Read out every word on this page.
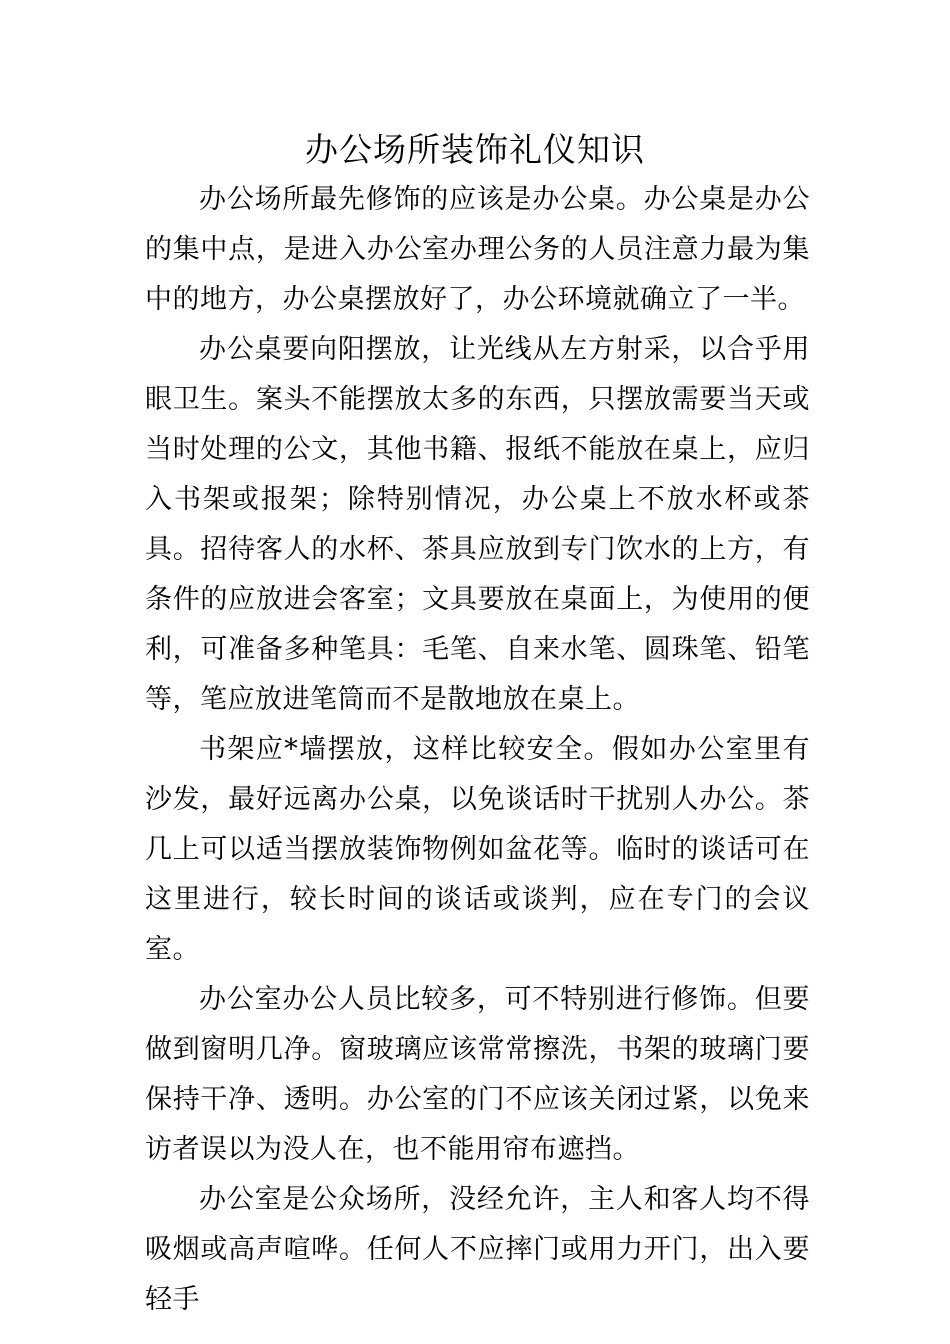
办公场所装饰礼仪知识

办公场所最先修饰的应该是办公桌。办公桌是办公的集中点，是进入办公室办理公务的人员注意力最为集中的地方，办公桌摆放好了，办公环境就确立了一半。

办公桌要向阳摆放，让光线从左方射采，以合乎用眼卫生。案头不能摆放太多的东西，只摆放需要当天或当时处理的公文，其他书籍、报纸不能放在桌上，应归入书架或报架；除特别情况，办公桌上不放水杯或茶具。招待客人的水杯、茶具应放到专门饮水的上方，有条件的应放进会客室；文具要放在桌面上，为使用的便利，可准备多种笔具：毛笔、自来水笔、圆珠笔、铅笔等，笔应放进笔筒而不是散地放在桌上。

书架应*墙摆放，这样比较安全。假如办公室里有沙发，最好远离办公桌，以免谈话时干扰别人办公。茶几上可以适当摆放装饰物例如盆花等。临时的谈话可在这里进行，较长时间的谈话或谈判，应在专门的会议室。

办公室办公人员比较多，可不特别进行修饰。但要做到窗明几净。窗玻璃应该常常擦洗，书架的玻璃门要保持干净、透明。办公室的门不应该关闭过紧，以免来访者误以为没人在，也不能用帘布遮挡。

办公室是公众场所，没经允许，主人和客人均不得吸烟或高声喧哗。任何人不应摔门或用力开门，出入要轻手
